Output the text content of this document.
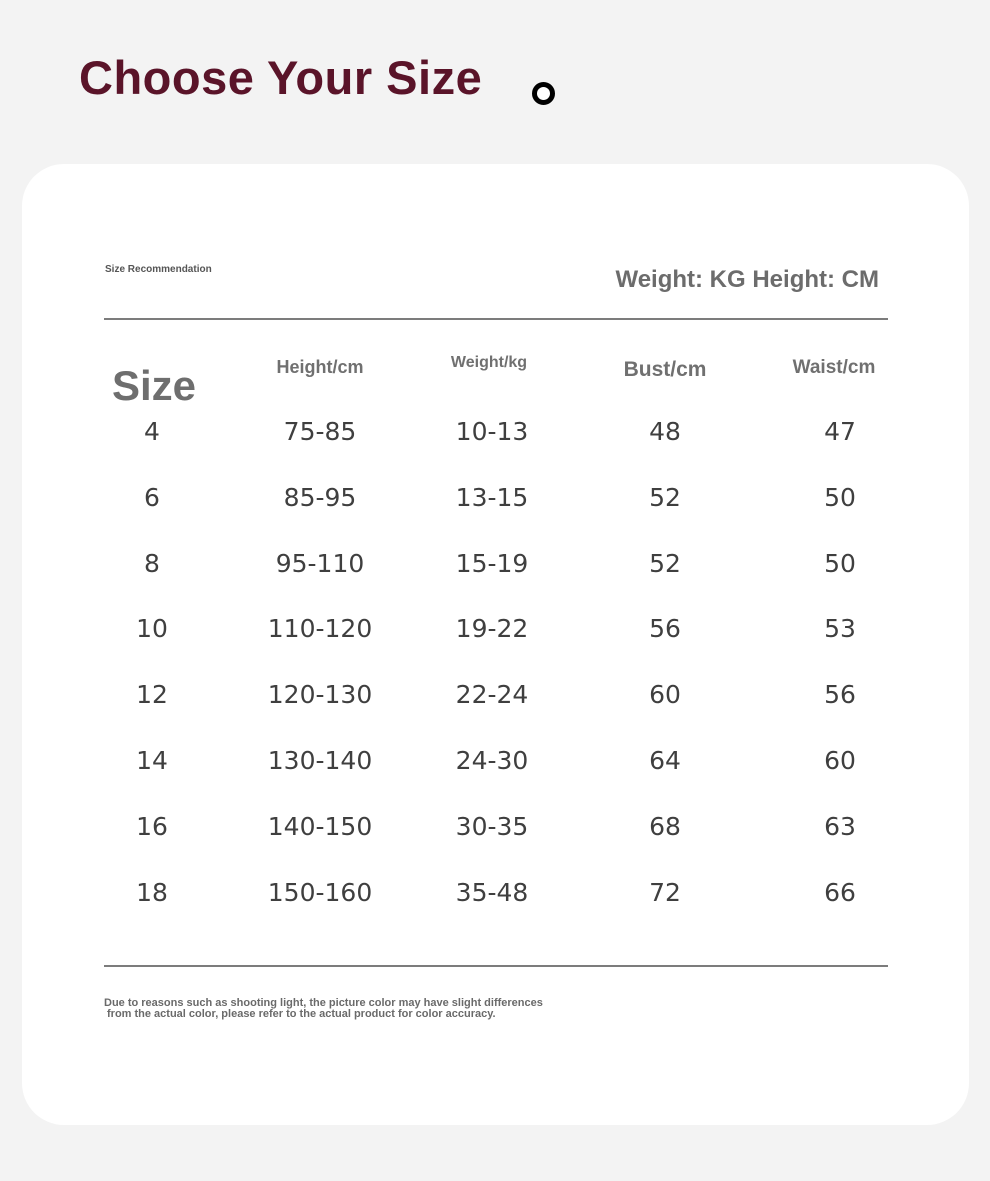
Choose Your Size
Size Recommendation	Weight: KG Height: CM
Size	Height/cm	Weight/kg	Bust/cm	Waist/cm
4	75-85	10-13	48	47
6	85-95	13-15	52	50
8	95-110	15-19	52	50
10	110-120	19-22	56	53
12	120-130	22-24	60	56
14	130-140	24-30	64	60
16	140-150	30-35	68	63
18	150-160	35-48	72	66
Due to reasons such as shooting light, the picture color may have slight differences
from the actual color, please refer to the actual product for color accuracy.
